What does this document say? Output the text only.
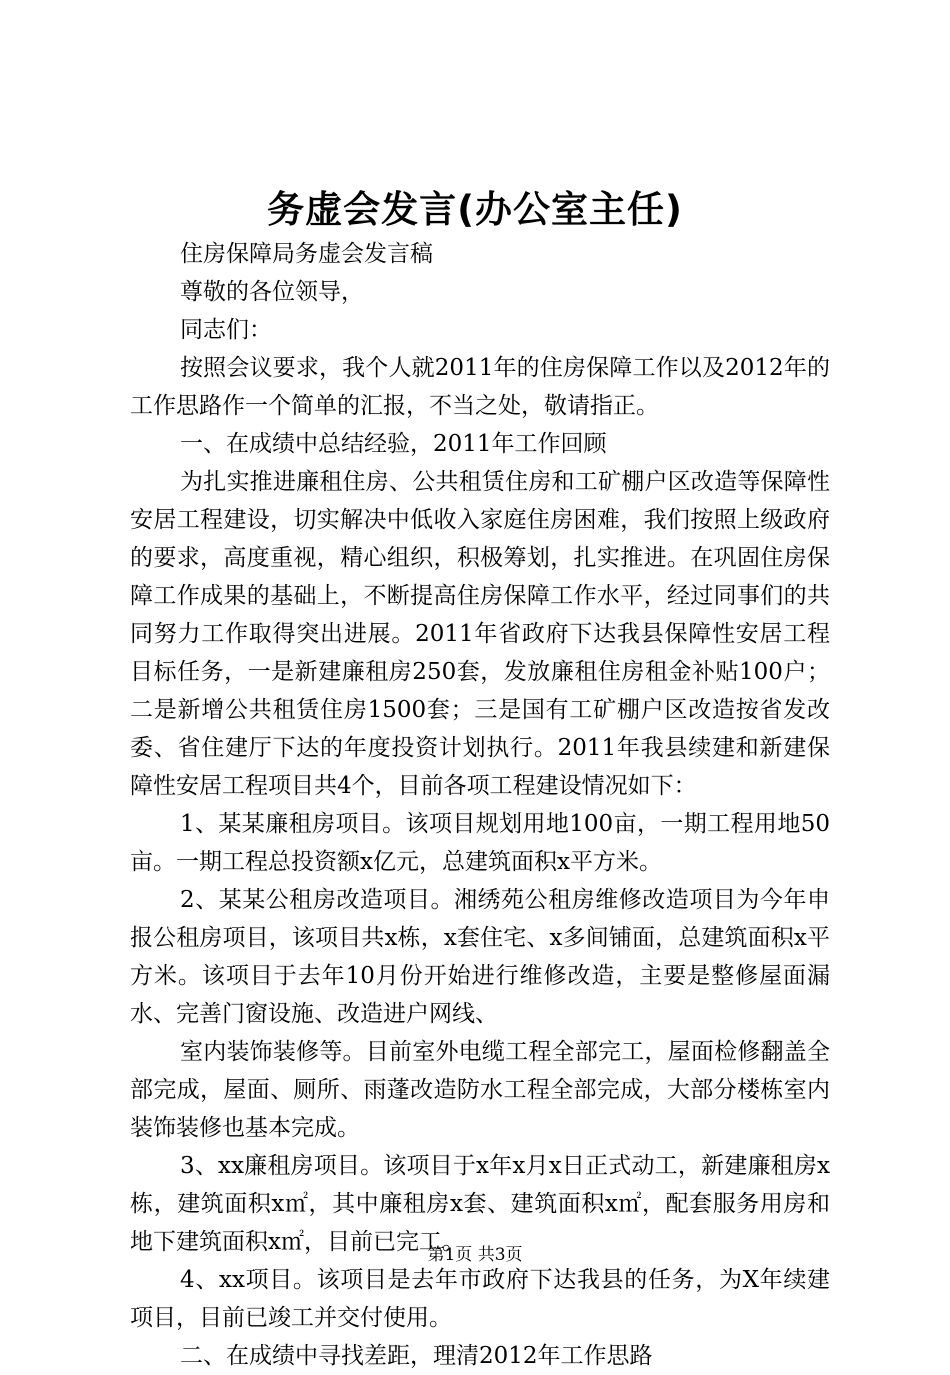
务虚会发言(办公室主任)

住房保障局务虚会发言稿

尊敬的各位领导，

同志们：

按照会议要求，我个人就2011年的住房保障工作以及2012年的工作思路作一个简单的汇报，不当之处，敬请指正。

一、在成绩中总结经验，2011年工作回顾

为扎实推进廉租住房、公共租赁住房和工矿棚户区改造等保障性安居工程建设，切实解决中低收入家庭住房困难，我们按照上级政府的要求，高度重视，精心组织，积极筹划，扎实推进。在巩固住房保障工作成果的基础上，不断提高住房保障工作水平，经过同事们的共同努力工作取得突出进展。2011年省政府下达我县保障性安居工程目标任务，一是新建廉租房250套，发放廉租住房租金补贴100户；二是新增公共租赁住房1500套；三是国有工矿棚户区改造按省发改委、省住建厅下达的年度投资计划执行。2011年我县续建和新建保障性安居工程项目共4个，目前各项工程建设情况如下：

1、某某廉租房项目。该项目规划用地100亩，一期工程用地50亩。一期工程总投资额x亿元，总建筑面积x平方米。

2、某某公租房改造项目。湘绣苑公租房维修改造项目为今年申报公租房项目，该项目共x栋，x套住宅、x多间铺面，总建筑面积x平方米。该项目于去年10月份开始进行维修改造，主要是整修屋面漏水、完善门窗设施、改造进户网线、

室内装饰装修等。目前室外电缆工程全部完工，屋面检修翻盖全部完成，屋面、厕所、雨蓬改造防水工程全部完成，大部分楼栋室内装饰装修也基本完成。

3、xx廉租房项目。该项目于x年x月x日正式动工，新建廉租房x栋，建筑面积x㎡，其中廉租房x套、建筑面积x㎡，配套服务用房和地下建筑面积x㎡，目前已完工。

4、xx项目。该项目是去年市政府下达我县的任务，为X年续建项目，目前已竣工并交付使用。

二、在成绩中寻找差距，理清2012年工作思路

第1页 共3页
